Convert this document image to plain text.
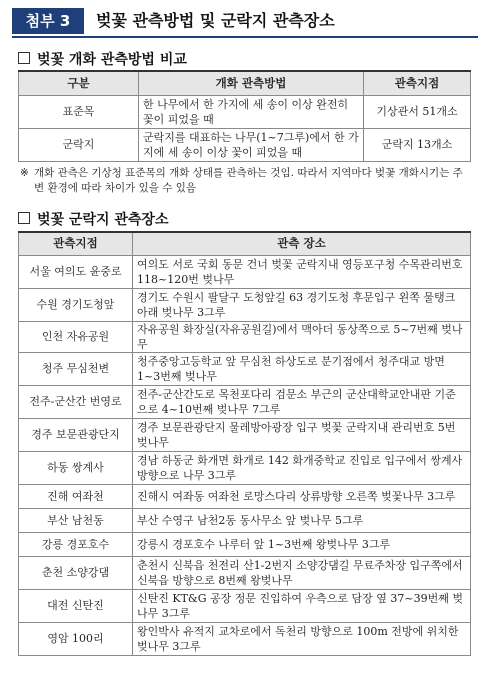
첨부 3	벚꽃 관측방법 및 군락지 관측장소
벚꽃 개화 관측방법 비교
구분	개화 관측방법	관측지점
표준목	한 나무에서 한 가지에 세 송이 이상 완전히 꽃이 피었을 때	기상관서 51개소
군락지	군락지를 대표하는 나무(1~7그루)에서 한 가지에 세 송이 이상 꽃이 피었을 때	군락지 13개소
※ 개화 관측은 기상청 표준목의 개화 상태를 관측하는 것임. 따라서 지역마다 벚꽃 개화시기는 주변 환경에 따라 차이가 있을 수 있음
벚꽃 군락지 관측장소
관측지점	관측 장소
서울 여의도 윤중로	여의도 서로 국회 동문 건너 벚꽃 군락지내 영등포구청 수목관리번호 118~120번 벚나무
수원 경기도청앞	경기도 수원시 팔달구 도청앞길 63 경기도청 후문입구 왼쪽 물탱크 아래 벚나무 3그루
인천 자유공원	자유공원 화장실(자유공원길)에서 맥아더 동상쪽으로 5~7번째 벚나무
청주 무심천변	청주중앙고등학교 앞 무심천 하상도로 분기점에서 청주대교 방면 1~3번째 벚나무
전주-군산간 번영로	전주-군산간도로 목천포다리 검문소 부근의 군산대학교안내판 기준으로 4~10번째 벚나무 7그루
경주 보문관광단지	경주 보문관광단지 물레방아광장 입구 벚꽃 군락지내 관리번호 5번 벚나무
하동 쌍계사	경남 하동군 화개면 화개로 142 화개중학교 진입로 입구에서 쌍계사 방향으로 나무 3그루
진해 여좌천	진해시 여좌동 여좌천 로망스다리 상류방향 오른쪽 벚꽃나무 3그루
부산 남천동	부산 수영구 남천2동 동사무소 앞 벚나무 5그루
강릉 경포호수	강릉시 경포호수 나루터 앞 1~3번째 왕벚나무 3그루
춘천 소양강댐	춘천시 신북읍 천전리 산1-2번지 소양강댐길 무료주차장 입구쪽에서 신북읍 방향으로 8번째 왕벚나무
대전 신탄진	신탄진 KT&G 공장 정문 진입하여 우측으로 담장 옆 37~39번째 벚나무 3그루
영암 100리	왕인박사 유적지 교차로에서 독천리 방향으로 100m 전방에 위치한 벚나무 3그루
